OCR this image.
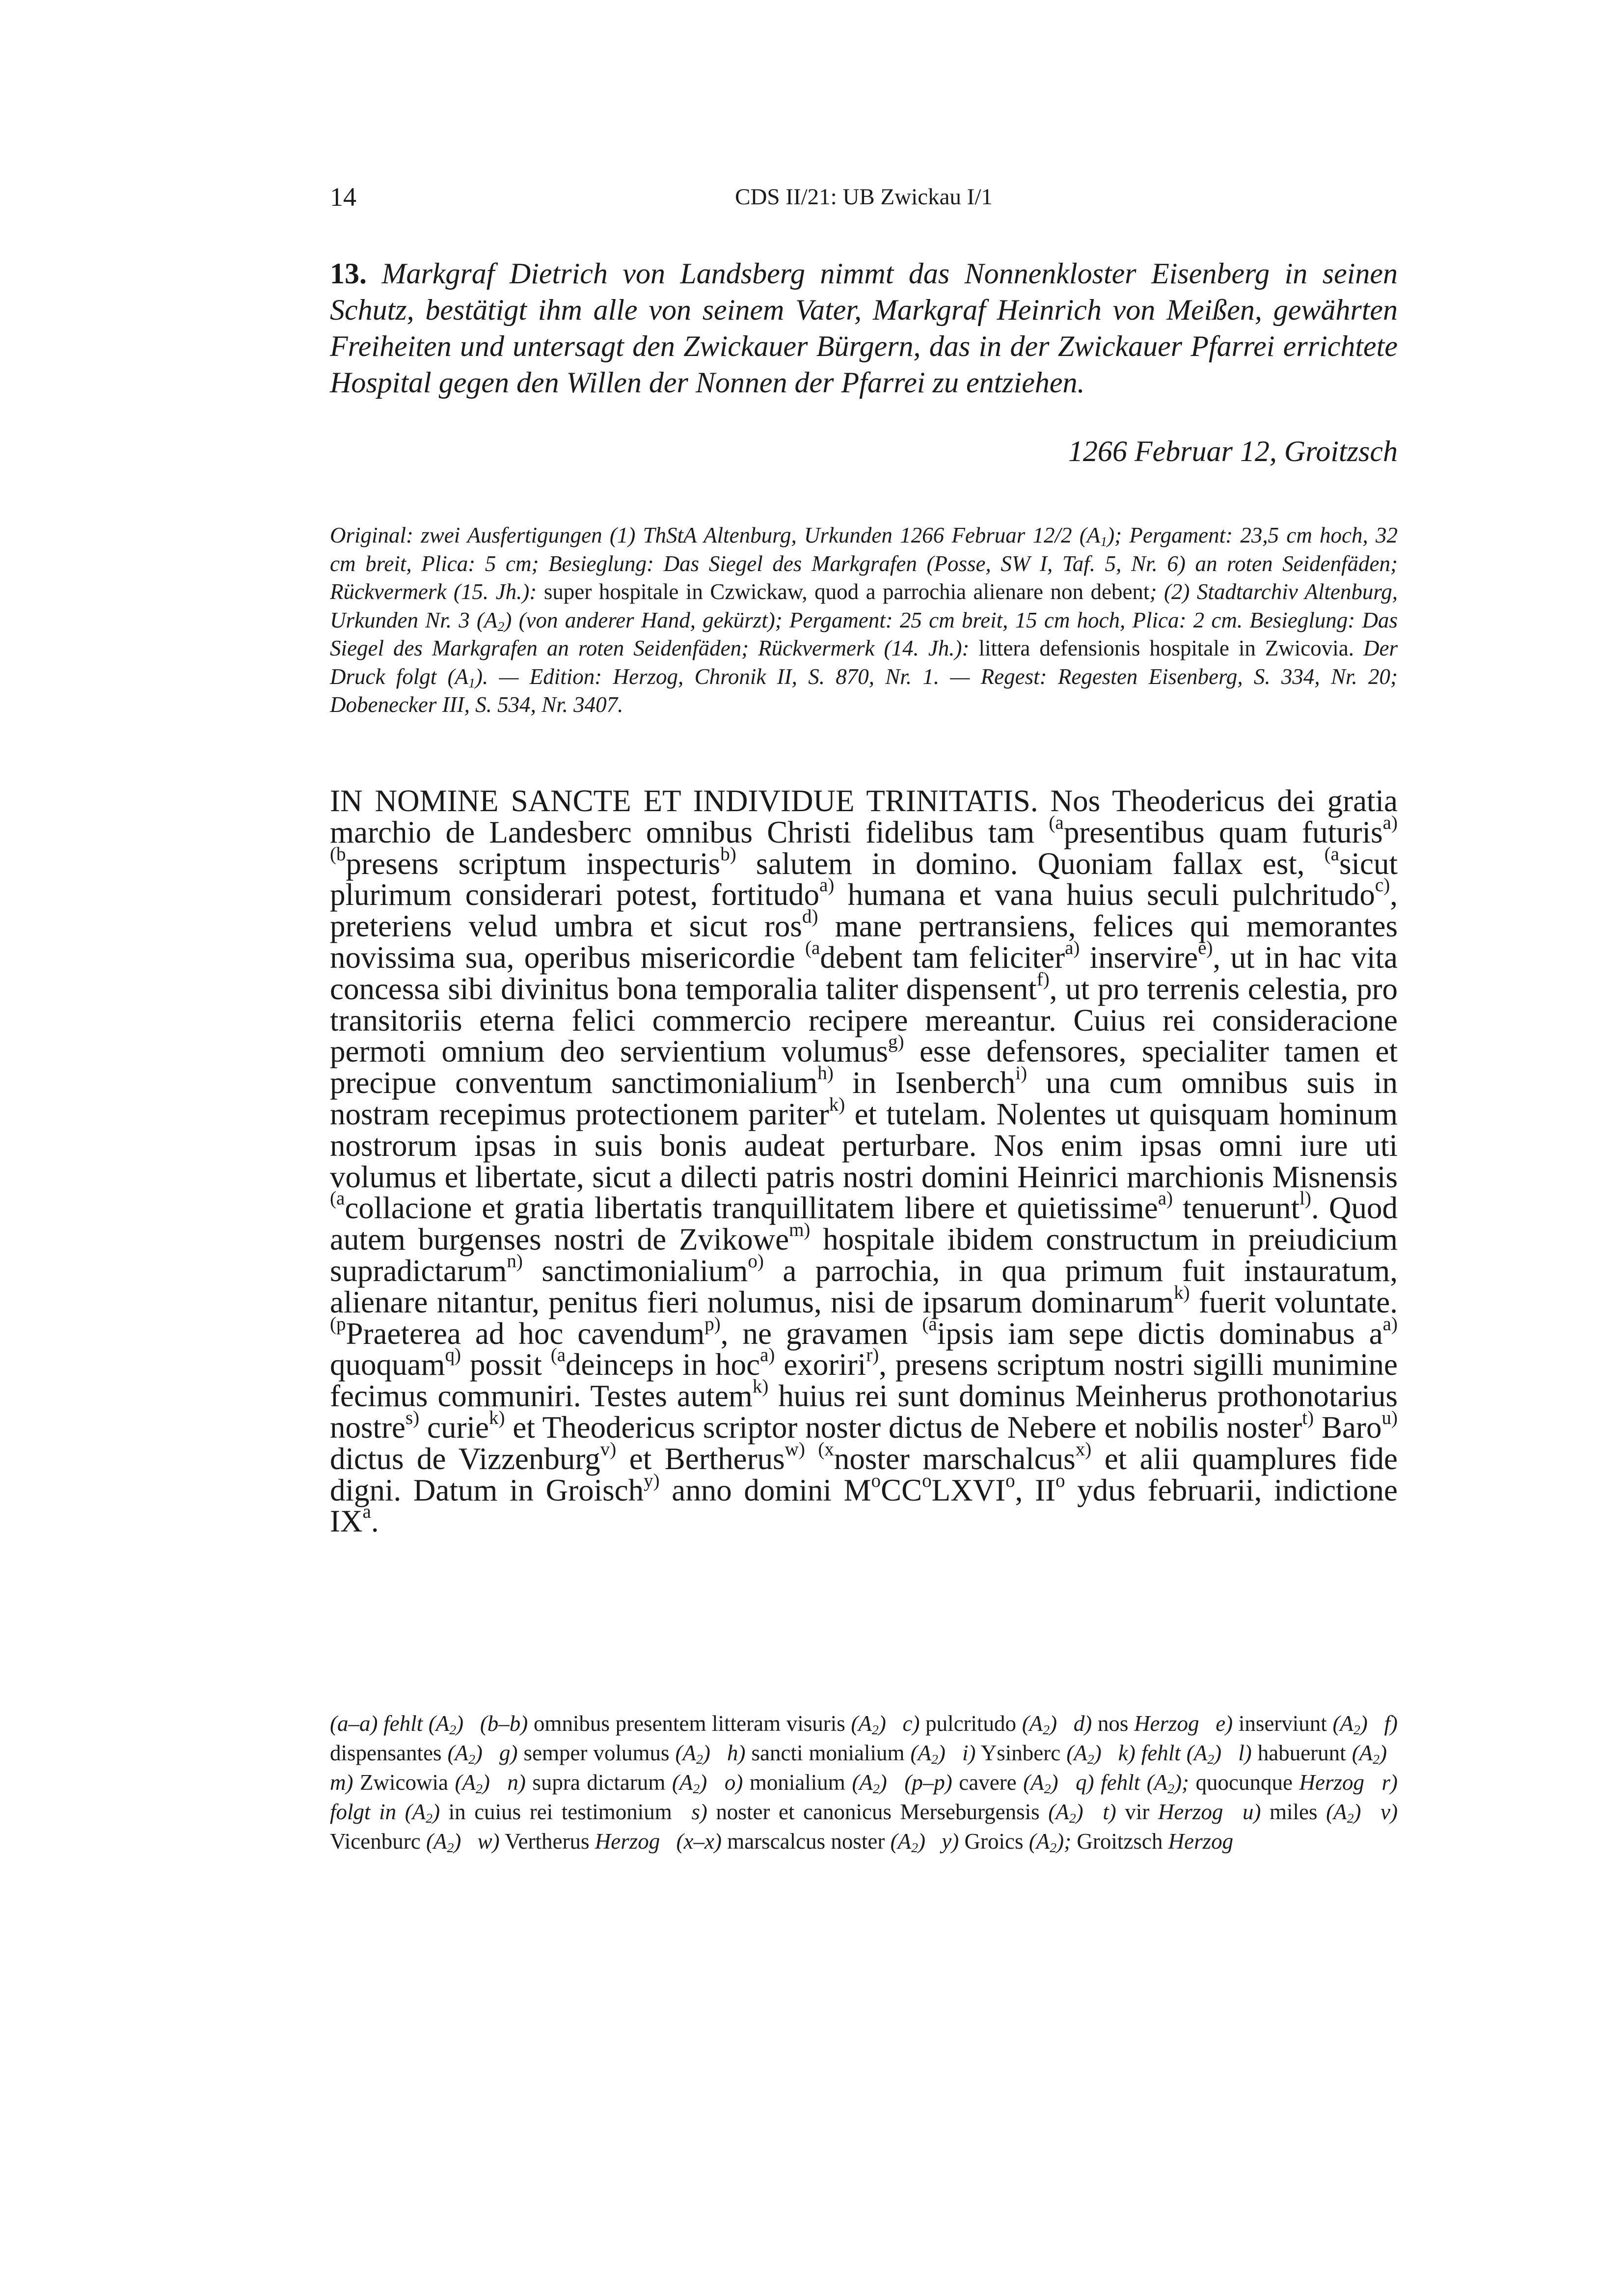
14	CDS II/21: UB Zwickau I/1
13. Markgraf Dietrich von Landsberg nimmt das Nonnenkloster Eisenberg in seinen Schutz, bestätigt ihm alle von seinem Vater, Markgraf Heinrich von Meißen, gewährten Freiheiten und untersagt den Zwickauer Bürgern, das in der Zwickauer Pfarrei errichtete Hospital gegen den Willen der Nonnen der Pfarrei zu entziehen.
1266 Februar 12, Groitzsch
Original: zwei Ausfertigungen (1) ThStA Altenburg, Urkunden 1266 Februar 12/2 $(A_1)$; Pergament: 23,5 cm hoch, 32 cm breit, Plica: 5 cm; Besieglung: Das Siegel des Markgrafen (Posse, SW I, Taf. 5, Nr. 6) an roten Seidenfäden; Rückvermerk (15. Jh.): super hospitale in Czwickaw, quod a parrochia alienare non debent; (2) Stadtarchiv Altenburg, Urkunden Nr. 3 $(A_2)$ (von anderer Hand, gekürzt); Pergament: 25 cm breit, 15 cm hoch, Plica: 2 cm. Besieglung: Das Siegel des Markgrafen an roten Seidenfäden; Rückvermerk (14. Jh.): littera defensionis hospitale in Zwicovia. Der Druck folgt $(A_1)$. — Edition: Herzog, Chronik II, S. 870, Nr. 1. — Regest: Regesten Eisenberg, S. 334, Nr. 20; Dobenecker III, S. 534, Nr. 3407.

IN NOMINE SANCTE ET INDIVIDUE TRINITATIS. Nos Theodericus dei gratia marchio de Landesberc omnibus Christi fidelibus tam $^{(a}$presentibus quam futuris$^{a)}$ $^{(b}$presens scriptum inspecturis$^{b)}$ salutem in domino. Quoniam fallax est, $^{(a}$sicut plurimum considerari potest, fortitudo$^{a)}$ humana et vana huius seculi pulchritudo$^{c)}$, preteriens velud umbra et sicut ros$^{d)}$ mane pertransiens, felices qui memorantes novissima sua, operibus misericordie $^{(a}$debent tam feliciter$^{a)}$ inservire$^{e)}$, ut in hac vita concessa sibi divinitus bona temporalia taliter dispensent$^{f)}$, ut pro terrenis celestia, pro transitoriis eterna felici commercio recipere mereantur. Cuius rei consideracione permoti omnium deo servientium volumus$^{g)}$ esse defensores, specialiter tamen et precipue conventum sanctimonialium$^{h)}$ in Isenberch$^{i)}$ una cum omnibus suis in nostram recepimus protectionem pariter$^{k)}$ et tutelam. Nolentes ut quisquam hominum nostrorum ipsas in suis bonis audeat perturbare. Nos enim ipsas omni iure uti volumus et libertate, sicut a dilecti patris nostri domini Heinrici marchionis Misnensis $^{(a}$collacione et gratia libertatis tranquillitatem libere et quietissime$^{a)}$ tenuerunt$^{l)}$. Quod autem burgenses nostri de Zvikowe$^{m)}$ hospitale ibidem constructum in preiudicium supradictarum$^{n)}$ sanctimonialium$^{o)}$ a parrochia, in qua primum fuit instauratum, alienare nitantur, penitus fieri nolumus, nisi de ipsarum dominarum$^{k)}$ fuerit voluntate. $^{(p}$Praeterea ad hoc cavendum$^{p)}$, ne gravamen $^{(a}$ipsis iam sepe dictis dominabus $a^{a)}$ quoquam$^{q)}$ possit $^{(a}$deinceps in hoc$^{a)}$ exoriri$^{r)}$, presens scriptum nostri sigilli munimine fecimus communiri. Testes autem$^{k)}$ huius rei sunt dominus Meinherus prothonotarius nostre$^{s)}$ curie$^{k)}$ et Theodericus scriptor noster dictus de Nebere et nobilis noster$^{t)}$ Baro$^{u)}$ dictus de Vizzenburg$^{v)}$ et Bertherus$^{w)}$ $^{(x}$noster marschalcus$^{x)}$ et alii quamplures fide digni. Datum in Groisch$^{y)}$ anno domini $M^oCC^oLXVI^o$, $II^o$ ydus februarii, indictione $IX^a$.

(a–a) fehlt $(A_2)$ (b–b) omnibus presentem litteram visuris $(A_2)$ c) pulcritudo $(A_2)$ d) nos Herzog e) inserviunt $(A_2)$ f) dispensantes $(A_2)$ g) semper volumus $(A_2)$ h) sancti monialium $(A_2)$ i) Ysinberc $(A_2)$ k) fehlt $(A_2)$ l) habuerunt $(A_2)$ m) Zwicowia $(A_2)$ n) supra dictarum $(A_2)$ o) monialium $(A_2)$ (p–p) cavere $(A_2)$ q) fehlt $(A_2)$; quocunque Herzog r) folgt in $(A_2)$ in cuius rei testimonium s) noster et canonicus Merseburgensis $(A_2)$ t) vir Herzog u) miles $(A_2)$ v) Vicenburc $(A_2)$ w) Vertherus Herzog (x–x) marscalcus noster $(A_2)$ y) Groics $(A_2)$; Groitzsch Herzog
